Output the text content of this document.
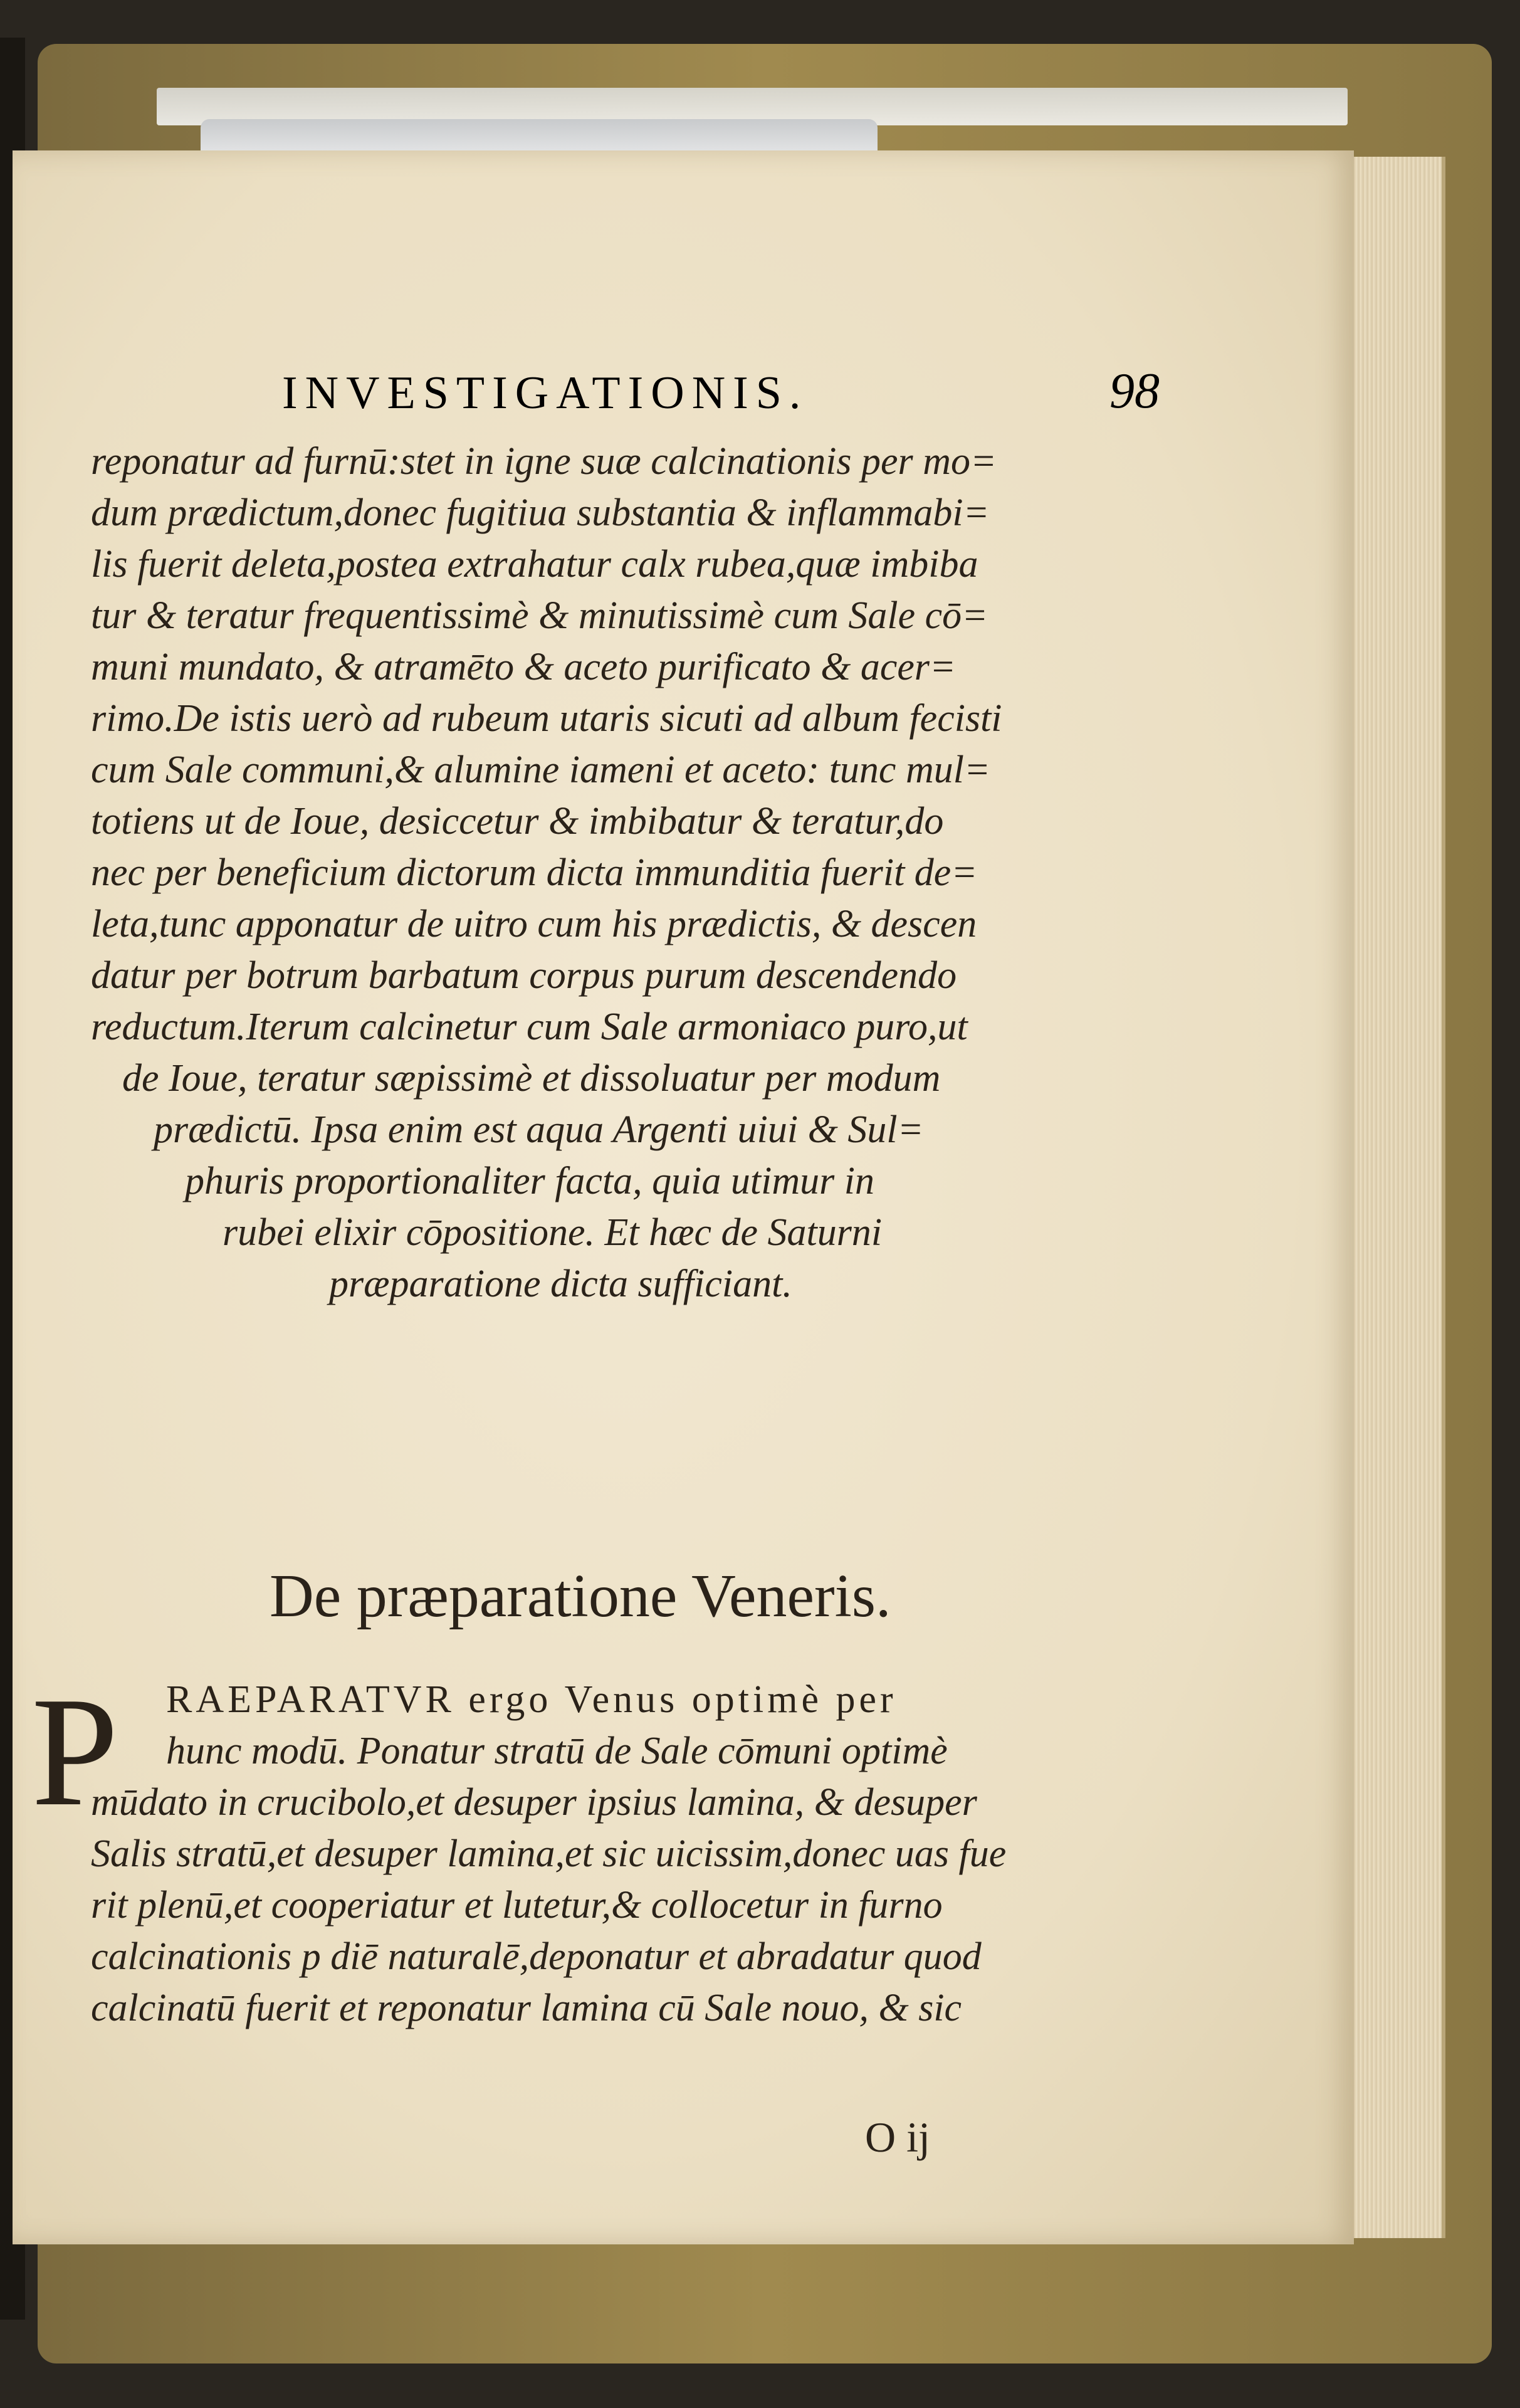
INVESTIGATIONIS.	98
reponatur ad furnū:stet in igne suæ calcinationis per mo=
dum prædictum,donec fugitiua substantia & inflammabi=
lis fuerit deleta,postea extrahatur calx rubea,quæ imbiba
tur & teratur frequentissimè & minutissimè cum Sale cō=
muni mundato, & atramēto & aceto purificato & acer=
rimo.De istis uerò ad rubeum utaris sicuti ad album fecisti
cum Sale communi,& alumine iameni et aceto: tunc mul=
totiens ut de Ioue, desiccetur & imbibatur & teratur,do
nec per beneficium dictorum dicta immunditia fuerit de=
leta,tunc apponatur de uitro cum his prædictis, & descen
datur per botrum barbatum corpus purum descendendo
reductum.Iterum calcinetur cum Sale armoniaco puro,ut
de Ioue, teratur sæpissimè et dissoluatur per modum
prædictū. Ipsa enim est aqua Argenti uiui & Sul=
phuris proportionaliter facta, quia utimur in
rubei elixir cōpositione. Et hæc de Saturni
præparatione dicta sufficiant.
De præparatione Veneris.
P	RAEPARATVR ergo Venus optimè per
hunc modū. Ponatur stratū de Sale cōmuni optimè
mūdato in crucibolo,et desuper ipsius lamina, & desuper
Salis stratū,et desuper lamina,et sic uicissim,donec uas fue
rit plenū,et cooperiatur et lutetur,& collocetur in furno
calcinationis p diē naturalē,deponatur et abradatur quod
calcinatū fuerit et reponatur lamina cū Sale nouo, & sic
O ij
